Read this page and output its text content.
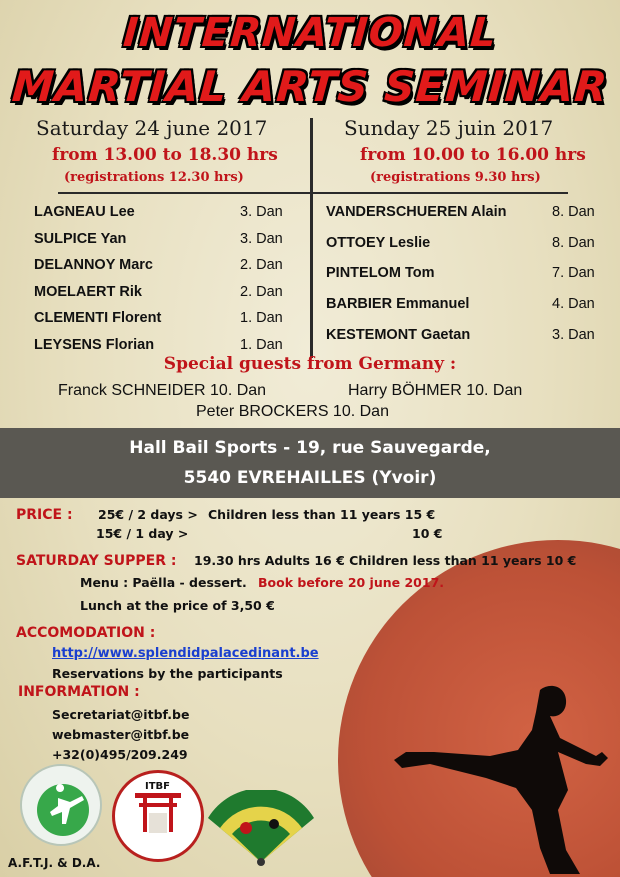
INTERNATIONAL
MARTIAL ARTS SEMINAR
Saturday 24 june 2017
from 13.00 to 18.30 hrs
(registrations 12.30 hrs)
Sunday 25 juin 2017
from 10.00 to 16.00 hrs
(registrations 9.30 hrs)
LAGNEAU Lee	3. Dan
SULPICE Yan	3. Dan
DELANNOY Marc	2. Dan
MOELAERT Rik	2. Dan
CLEMENTI Florent	1. Dan
LEYSENS Florian	1. Dan
VANDERSCHUEREN Alain	8. Dan
OTTOEY Leslie	8. Dan
PINTELOM Tom	7. Dan
BARBIER Emmanuel	4. Dan
KESTEMONT Gaetan	3. Dan
Special guests from Germany :
Franck SCHNEIDER 10. Dan	Harry BÖHMER 10. Dan
Peter BROCKERS 10. Dan
Hall Bail Sports - 19, rue Sauvegarde,
5540 EVREHAILLES (Yvoir)
PRICE : 25€ / 2 days > Children less than 11 years 15 €
15€ / 1 day >	10 €
SATURDAY SUPPER : 19.30 hrs Adults 16 € Children less than 11 years 10 €
Menu : Paëlla - dessert. Book before 20 june 2017.
Lunch at the price of 3,50 €
ACCOMODATION :
http://www.splendidpalacedinant.be
Reservations by the participants
INFORMATION :
Secretariat@itbf.be
webmaster@itbf.be
+32(0)495/209.249
A.F.T.J. & D.A.
ITBF
